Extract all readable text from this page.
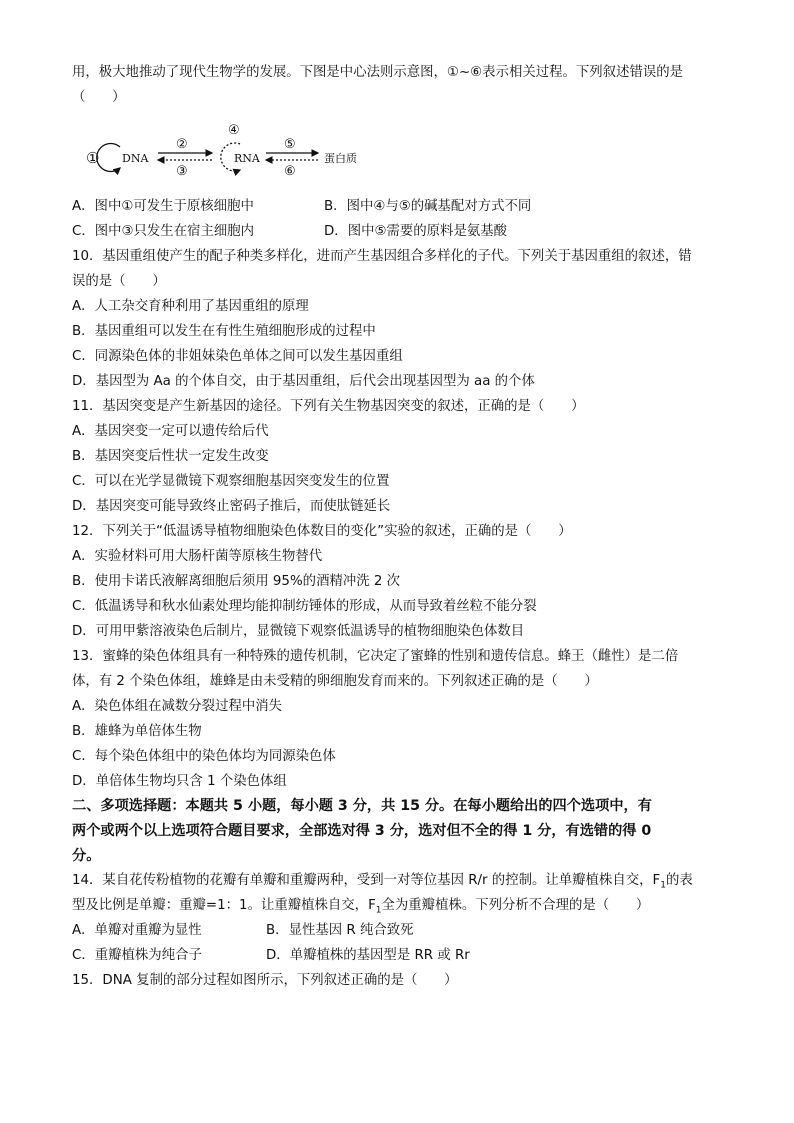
用，极大地推动了现代生物学的发展。下图是中心法则示意图，①~⑥表示相关过程。下列叙述错误的是
（　　）
① DNA
②
③
④
RNA
⑤
⑥
蛋白质
A．图中①可发生于原核细胞中	B．图中④与⑤的碱基配对方式不同
C．图中③只发生在宿主细胞内	D．图中⑤需要的原料是氨基酸
10．基因重组使产生的配子种类多样化，进而产生基因组合多样化的子代。下列关于基因重组的叙述，错
误的是（　　）
A．人工杂交育种利用了基因重组的原理
B．基因重组可以发生在有性生殖细胞形成的过程中
C．同源染色体的非姐妹染色单体之间可以发生基因重组
D．基因型为 Aa 的个体自交，由于基因重组，后代会出现基因型为 aa 的个体
11．基因突变是产生新基因的途径。下列有关生物基因突变的叙述，正确的是（　　）
A．基因突变一定可以遗传给后代
B．基因突变后性状一定发生改变
C．可以在光学显微镜下观察细胞基因突变发生的位置
D．基因突变可能导致终止密码子推后，而使肽链延长
12．下列关于“低温诱导植物细胞染色体数目的变化”实验的叙述，正确的是（　　）
A．实验材料可用大肠杆菌等原核生物替代
B．使用卡诺氏液解离细胞后须用 95%的酒精冲洗 2 次
C．低温诱导和秋水仙素处理均能抑制纺锤体的形成，从而导致着丝粒不能分裂
D．可用甲紫溶液染色后制片，显微镜下观察低温诱导的植物细胞染色体数目
13．蜜蜂的染色体组具有一种特殊的遗传机制，它决定了蜜蜂的性别和遗传信息。蜂王（雌性）是二倍
体，有 2 个染色体组，雄蜂是由未受精的卵细胞发育而来的。下列叙述正确的是（　　）
A．染色体组在减数分裂过程中消失
B．雄蜂为单倍体生物
C．每个染色体组中的染色体均为同源染色体
D．单倍体生物均只含 1 个染色体组
二、多项选择题：本题共 5 小题，每小题 3 分，共 15 分。在每小题给出的四个选项中，有
两个或两个以上选项符合题目要求，全部选对得 3 分，选对但不全的得 1 分，有选错的得 0
分。
14．某自花传粉植物的花瓣有单瓣和重瓣两种，受到一对等位基因 R/r 的控制。让单瓣植株自交，$F_1$的表
型及比例是单瓣：重瓣=1：1。让重瓣植株自交，$F_1$全为重瓣植株。下列分析不合理的是（　　）
A．单瓣对重瓣为显性	B．显性基因 R 纯合致死
C．重瓣植株为纯合子	D．单瓣植株的基因型是 RR 或 Rr
15．DNA 复制的部分过程如图所示，下列叙述正确的是（　　）
